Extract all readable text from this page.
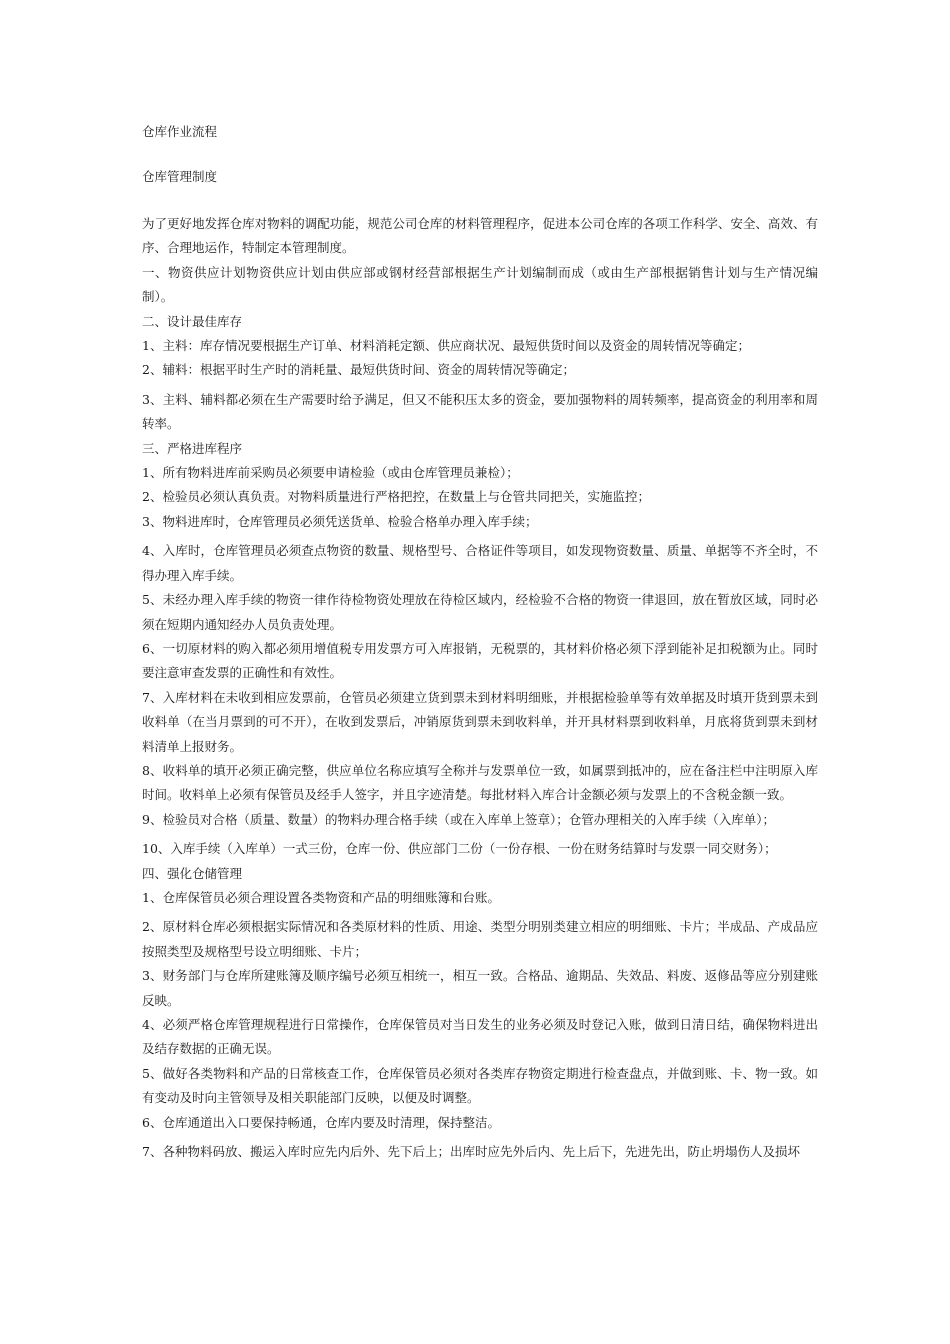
仓库作业流程
仓库管理制度

为了更好地发挥仓库对物料的调配功能，规范公司仓库的材料管理程序，促进本公司仓库的各项工作科学、安全、高效、有序、合理地运作，特制定本管理制度。

一、物资供应计划物资供应计划由供应部或钢材经营部根据生产计划编制而成（或由生产部根据销售计划与生产情况编制）。

二、设计最佳库存

1、主料：库存情况要根据生产订单、材料消耗定额、供应商状况、最短供货时间以及资金的周转情况等确定；

2、辅料：根据平时生产时的消耗量、最短供货时间、资金的周转情况等确定；

3、主料、辅料都必须在生产需要时给予满足，但又不能积压太多的资金，要加强物料的周转频率，提高资金的利用率和周转率。

三、严格进库程序

1、所有物料进库前采购员必须要申请检验（或由仓库管理员兼检）；

2、检验员必须认真负责。对物料质量进行严格把控，在数量上与仓管共同把关，实施监控；

3、物料进库时，仓库管理员必须凭送货单、检验合格单办理入库手续；

4、入库时，仓库管理员必须查点物资的数量、规格型号、合格证件等项目，如发现物资数量、质量、单据等不齐全时，不得办理入库手续。

5、未经办理入库手续的物资一律作待检物资处理放在待检区域内，经检验不合格的物资一律退回，放在暂放区域，同时必须在短期内通知经办人员负责处理。

6、一切原材料的购入都必须用增值税专用发票方可入库报销，无税票的，其材料价格必须下浮到能补足扣税额为止。同时要注意审查发票的正确性和有效性。

7、入库材料在未收到相应发票前，仓管员必须建立货到票未到材料明细账，并根据检验单等有效单据及时填开货到票未到收料单（在当月票到的可不开），在收到发票后，冲销原货到票未到收料单，并开具材料票到收料单，月底将货到票未到材料清单上报财务。

8、收料单的填开必须正确完整，供应单位名称应填写全称并与发票单位一致，如属票到抵冲的，应在备注栏中注明原入库时间。收料单上必须有保管员及经手人签字，并且字迹清楚。每批材料入库合计金额必须与发票上的不含税金额一致。

9、检验员对合格（质量、数量）的物料办理合格手续（或在入库单上签章）；仓管办理相关的入库手续（入库单）；

10、入库手续（入库单）一式三份，仓库一份、供应部门二份（一份存根、一份在财务结算时与发票一同交财务）；

四、强化仓储管理

1、仓库保管员必须合理设置各类物资和产品的明细账簿和台账。

2、原材料仓库必须根据实际情况和各类原材料的性质、用途、类型分明别类建立相应的明细账、卡片；半成品、产成品应按照类型及规格型号设立明细账、卡片；

3、财务部门与仓库所建账簿及顺序编号必须互相统一，相互一致。合格品、逾期品、失效品、料废、返修品等应分别建账反映。

4、必须严格仓库管理规程进行日常操作，仓库保管员对当日发生的业务必须及时登记入账，做到日清日结，确保物料进出及结存数据的正确无误。

5、做好各类物料和产品的日常核查工作，仓库保管员必须对各类库存物资定期进行检查盘点，并做到账、卡、物一致。如有变动及时向主管领导及相关职能部门反映，以便及时调整。

6、仓库通道出入口要保持畅通，仓库内要及时清理，保持整洁。

7、各种物料码放、搬运入库时应先内后外、先下后上；出库时应先外后内、先上后下，先进先出，防止坍塌伤人及损坏
